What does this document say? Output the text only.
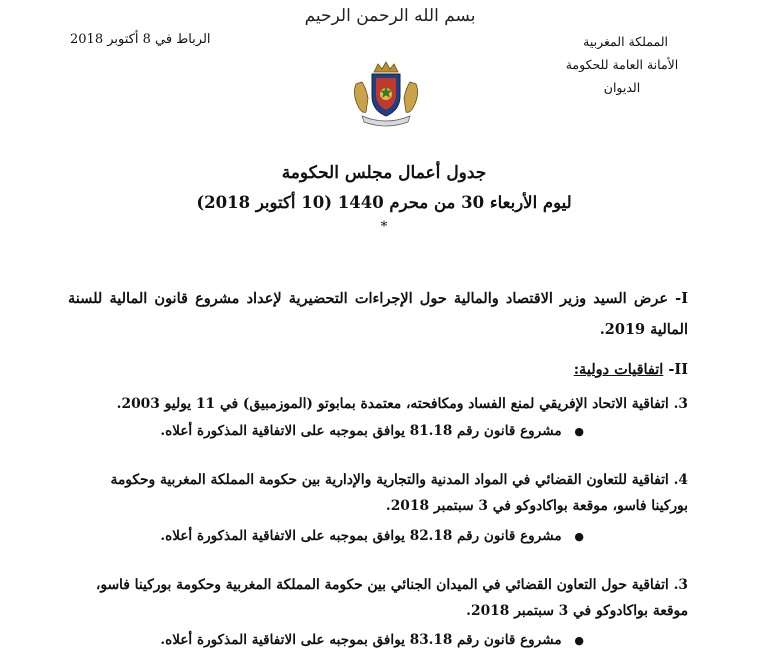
بسم الله الرحمن الرحيم
المملكة المغربية
الأمانة العامة للحكومة
الديوان
الرباط في 8 أكتوبر 2018
جدول أعمال مجلس الحكومة
ليوم الأربعاء 30 من محرم 1440 (10 أكتوبر 2018)
*
I- عرض السيد وزير الاقتصاد والمالية حول الإجراءات التحضيرية لإعداد مشروع قانون المالية للسنة المالية 2019.
II- اتفاقيات دولية:
3. اتفاقية الاتحاد الإفريقي لمنع الفساد ومكافحته، معتمدة بمابوتو (الموزمبيق) في 11 يوليو 2003.
● مشروع قانون رقم 81.18 يوافق بموجبه على الاتفاقية المذكورة أعلاه.
4. اتفاقية للتعاون القضائي في المواد المدنية والتجارية والإدارية بين حكومة المملكة المغربية وحكومة بوركينا فاسو، موقعة بواكادوكو في 3 سبتمبر 2018.
● مشروع قانون رقم 82.18 يوافق بموجبه على الاتفاقية المذكورة أعلاه.
3. اتفاقية حول التعاون القضائي في الميدان الجنائي بين حكومة المملكة المغربية وحكومة بوركينا فاسو، موقعة بواكادوكو في 3 سبتمبر 2018.
● مشروع قانون رقم 83.18 يوافق بموجبه على الاتفاقية المذكورة أعلاه.
